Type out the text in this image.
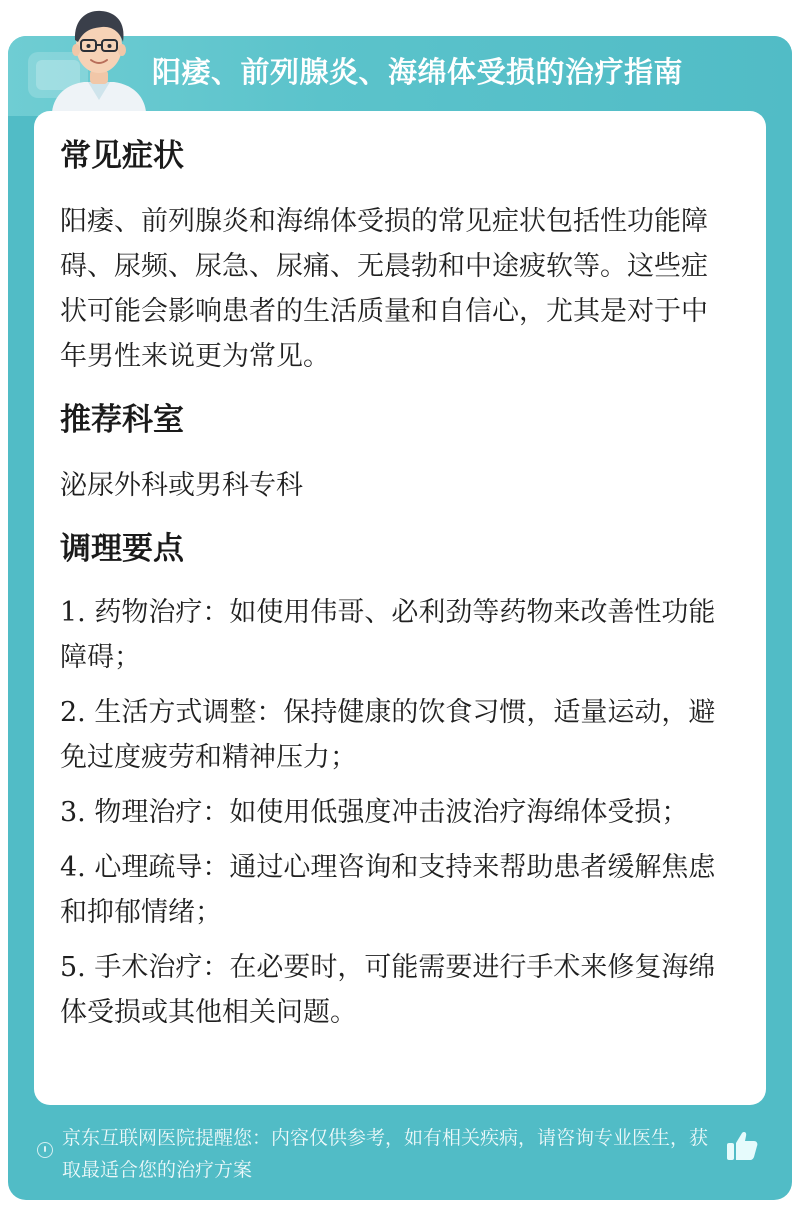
阳痿、前列腺炎、海绵体受损的治疗指南
常见症状

阳痿、前列腺炎和海绵体受损的常见症状包括性功能障碍、尿频、尿急、尿痛、无晨勃和中途疲软等。这些症状可能会影响患者的生活质量和自信心，尤其是对于中年男性来说更为常见。

推荐科室

泌尿外科或男科专科

调理要点

1. 药物治疗：如使用伟哥、必利劲等药物来改善性功能障碍；

2. 生活方式调整：保持健康的饮食习惯，适量运动，避免过度疲劳和精神压力；

3. 物理治疗：如使用低强度冲击波治疗海绵体受损；

4. 心理疏导：通过心理咨询和支持来帮助患者缓解焦虑和抑郁情绪；

5. 手术治疗：在必要时，可能需要进行手术来修复海绵体受损或其他相关问题。

京东互联网医院提醒您：内容仅供参考，如有相关疾病，请咨询专业医生，获取最适合您的治疗方案
